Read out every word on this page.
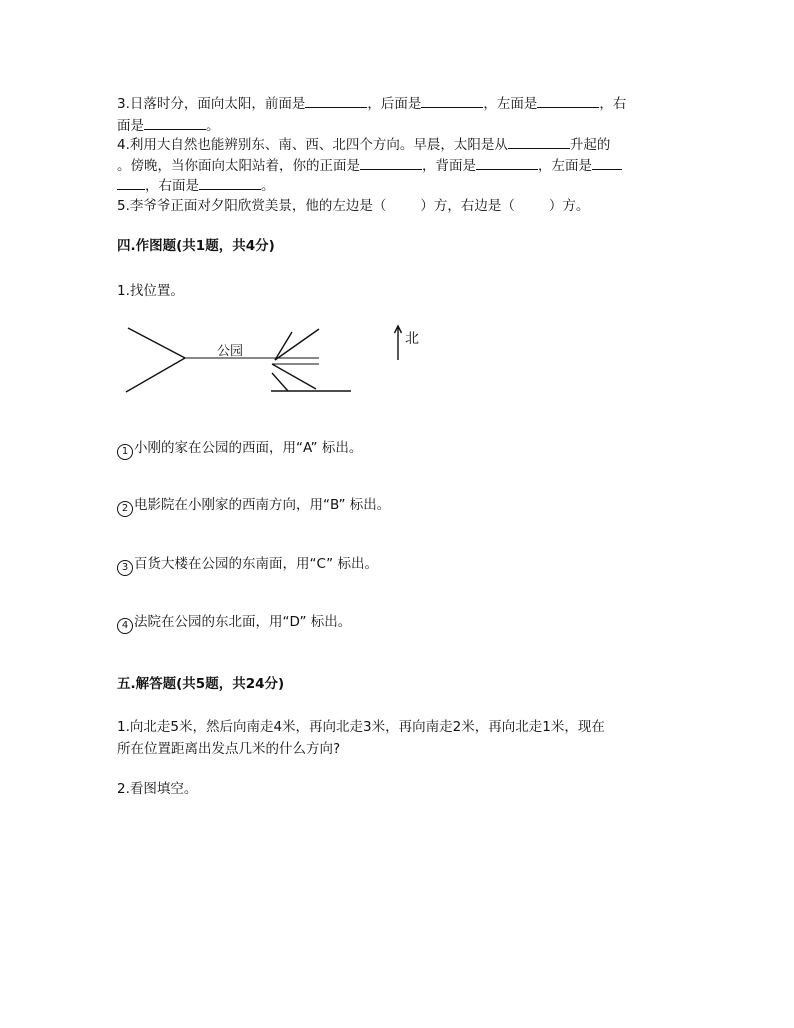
3.日落时分，面向太阳，前面是	，后面是	，左面是	，右
面是	。
4.利用大自然也能辨别东、南、西、北四个方向。早晨，太阳是从	升起的
。傍晚，当你面向太阳站着，你的正面是	，背面是	，左面是
，右面是	。
5.李爷爷正面对夕阳欣赏美景，他的左边是（	）方，右边是（	）方。
四.作图题(共1题，共4分)
1.找位置。
公园
北
1 小刚的家在公园的西面，用“A” 标出。
2 电影院在小刚家的西南方向，用“B” 标出。
3 百货大楼在公园的东南面，用“C” 标出。
4 法院在公园的东北面，用“D” 标出。
五.解答题(共5题，共24分)
1.向北走5米，然后向南走4米，再向北走3米，再向南走2米，再向北走1米，现在
所在位置距离出发点几米的什么方向?
2.看图填空。
